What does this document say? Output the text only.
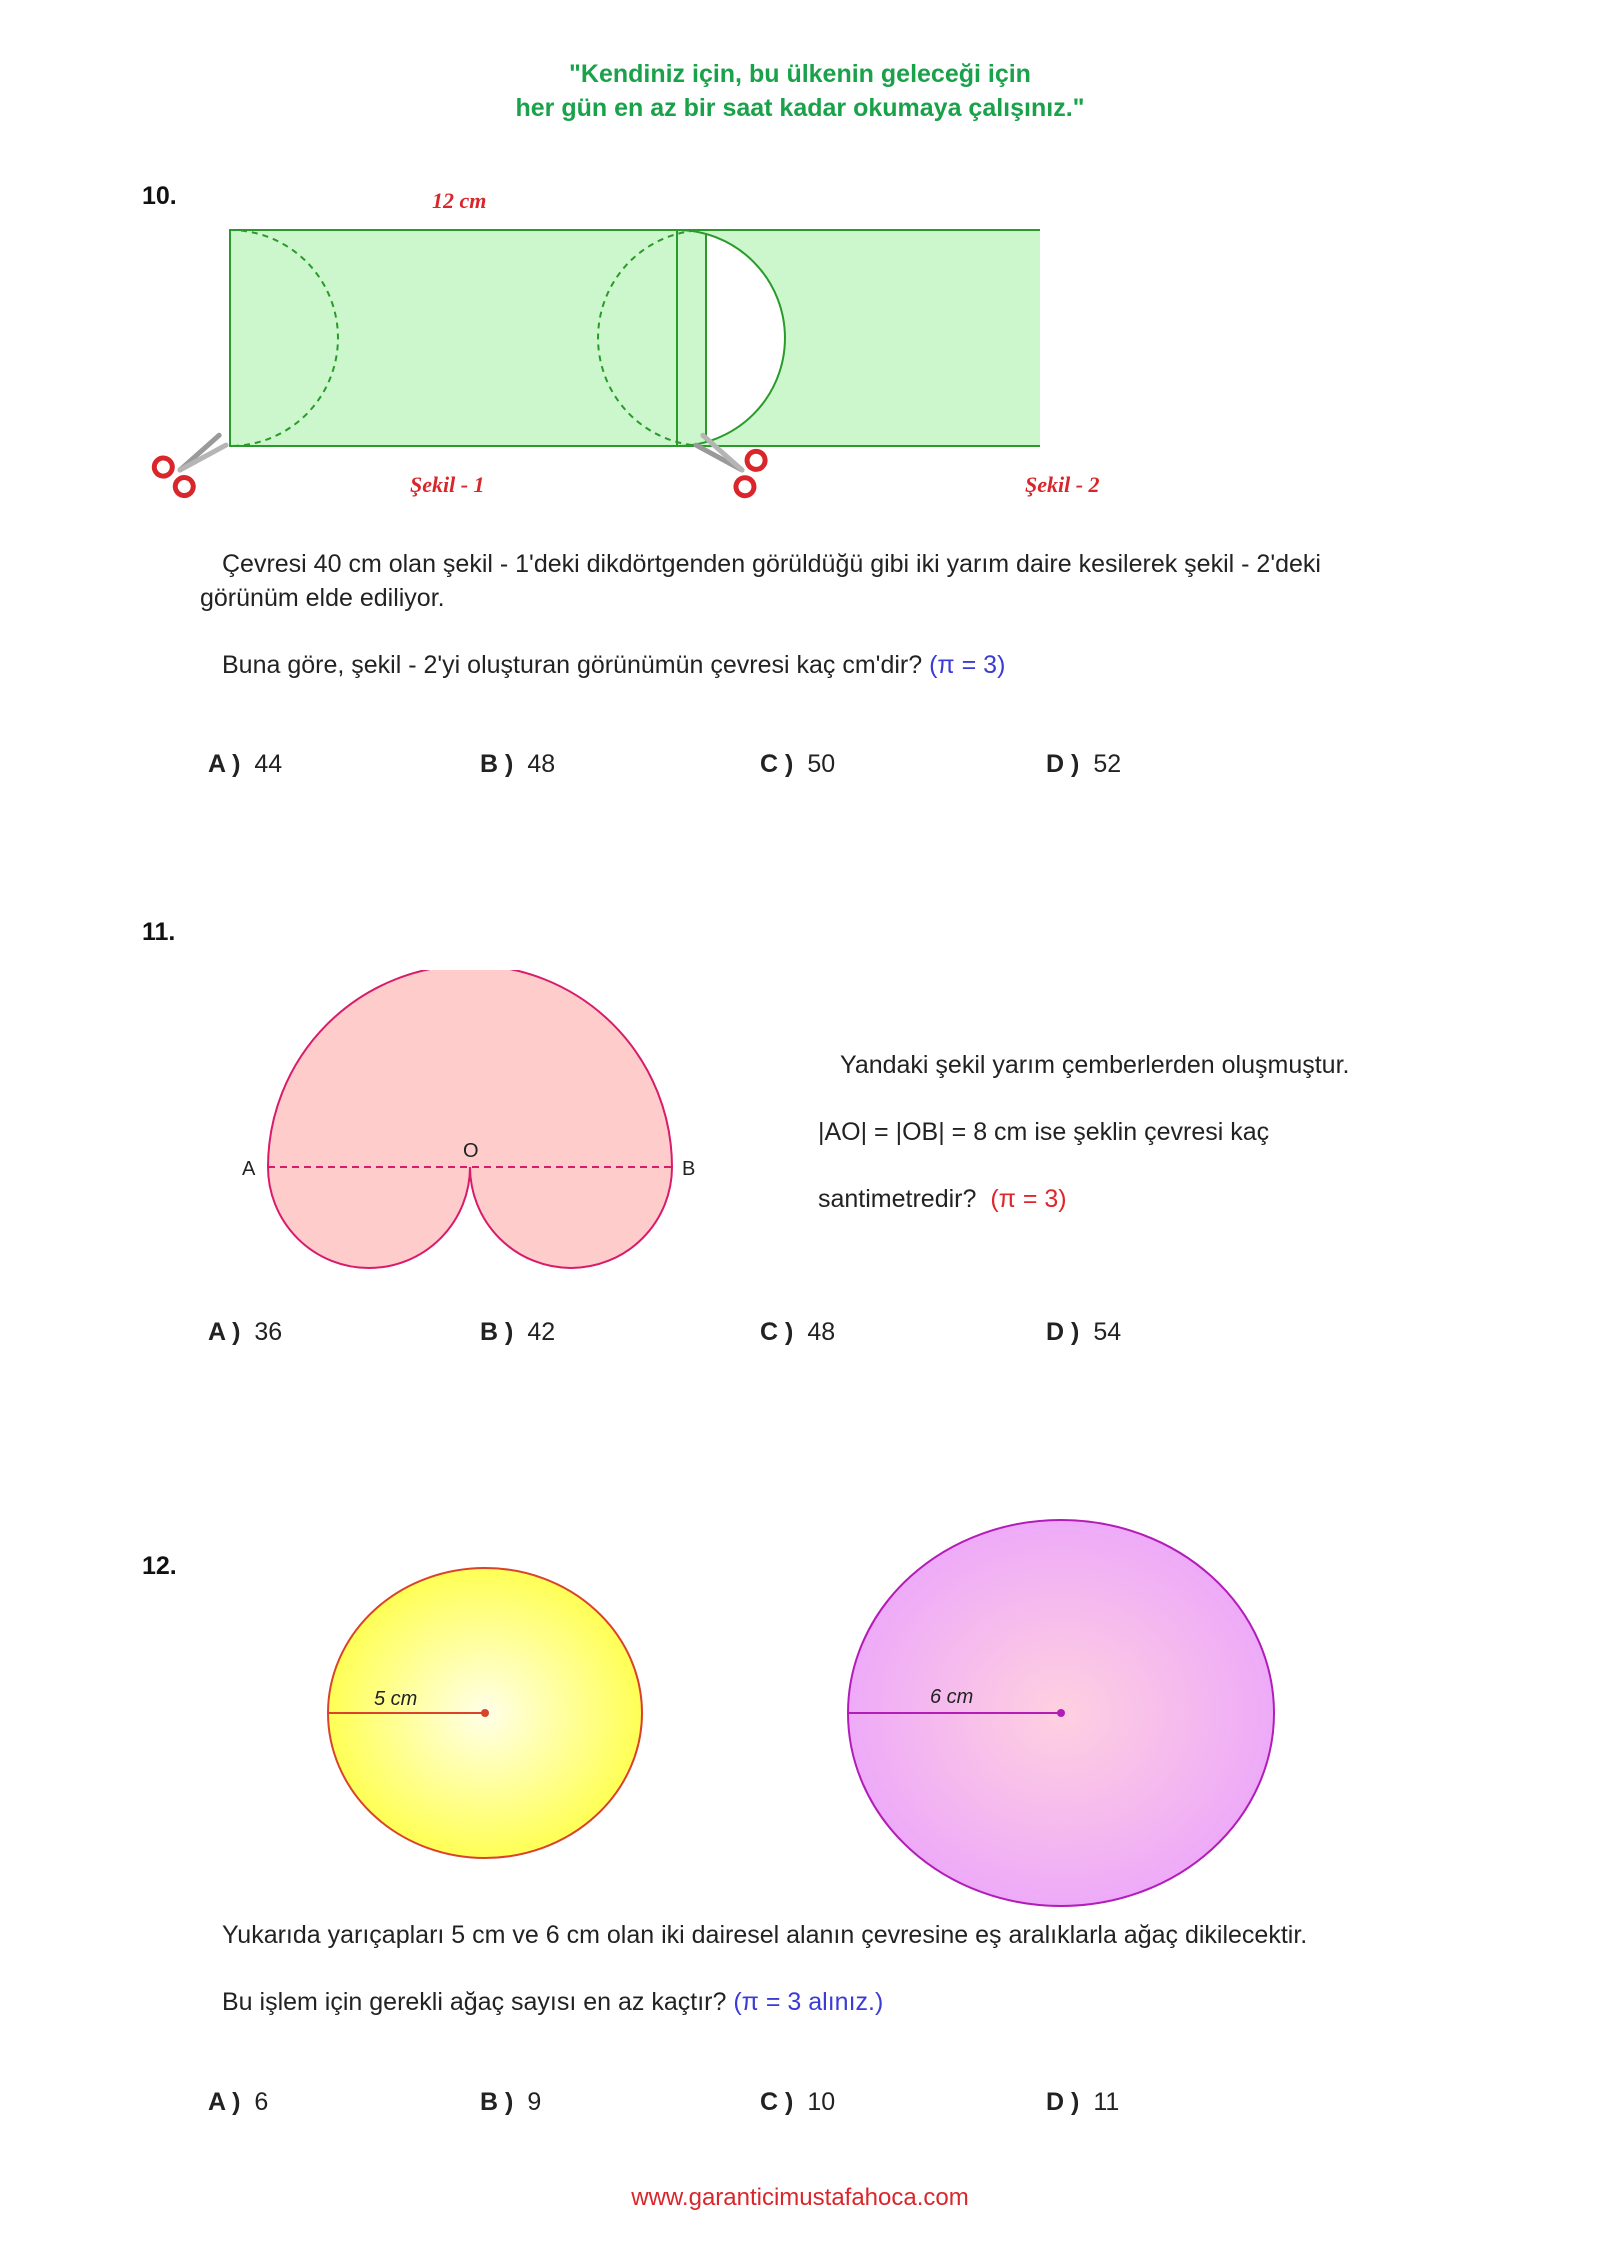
"Kendiniz için, bu ülkenin geleceği için
her gün en az bir saat kadar okumaya çalışınız."
10.	12 cm
Şekil - 1	Şekil - 2
Çevresi 40 cm olan şekil - 1'deki dikdörtgenden görüldüğü gibi iki yarım daire kesilerek şekil - 2'deki
görünüm elde ediliyor.
Buna göre, şekil - 2'yi oluşturan görünümün çevresi kaç cm'dir? (π = 3)
A ) 44	B ) 48	C ) 50	D ) 52
11.
A
O
B
Yandaki şekil yarım çemberlerden oluşmuştur.
|AO| = |OB| = 8 cm ise şeklin çevresi kaç
santimetredir? (π = 3)
A ) 36	B ) 42	C ) 48	D ) 54
12.
5 cm	6 cm
Yukarıda yarıçapları 5 cm ve 6 cm olan iki dairesel alanın çevresine eş aralıklarla ağaç dikilecektir.
Bu işlem için gerekli ağaç sayısı en az kaçtır? (π = 3 alınız.)
A ) 6	B ) 9	C ) 10	D ) 11
www.garanticimustafahoca.com
